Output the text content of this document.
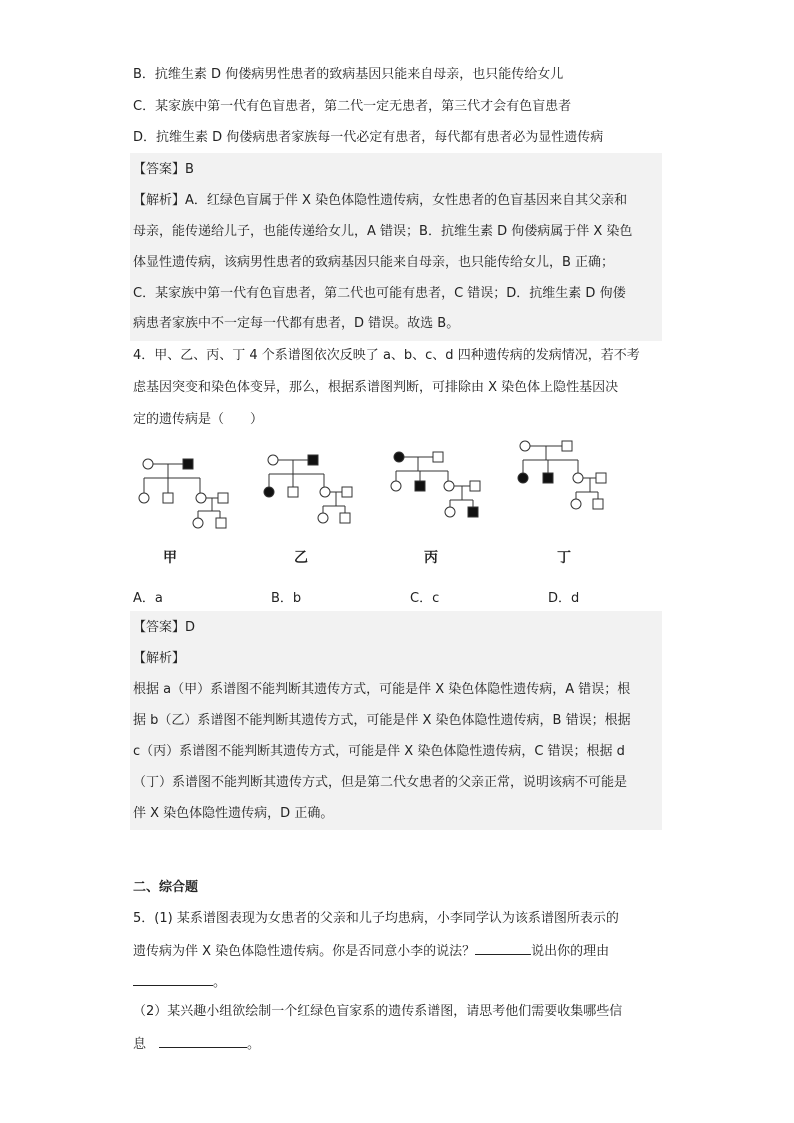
B．抗维生素 D 佝偻病男性患者的致病基因只能来自母亲，也只能传给女儿
C．某家族中第一代有色盲患者，第二代一定无患者，第三代才会有色盲患者
D．抗维生素 D 佝偻病患者家族每一代必定有患者，每代都有患者必为显性遗传病
【答案】B
【解析】A．红绿色盲属于伴 X 染色体隐性遗传病，女性患者的色盲基因来自其父亲和
母亲，能传递给儿子，也能传递给女儿，A 错误；B．抗维生素 D 佝偻病属于伴 X 染色
体显性遗传病，该病男性患者的致病基因只能来自母亲，也只能传给女儿，B 正确；
C．某家族中第一代有色盲患者，第二代也可能有患者，C 错误；D．抗维生素 D 佝偻
病患者家族中不一定每一代都有患者，D 错误。故选 B。
4．甲、乙、丙、丁 4 个系谱图依次反映了 a、b、c、d 四种遗传病的发病情况，若不考
虑基因突变和染色体变异，那么，根据系谱图判断，可排除由 X 染色体上隐性基因决
定的遗传病是（　　）
甲	乙	丙	丁
A．a	B．b	C．c	D．d
【答案】D
【解析】
根据 a（甲）系谱图不能判断其遗传方式，可能是伴 X 染色体隐性遗传病，A 错误；根
据 b（乙）系谱图不能判断其遗传方式，可能是伴 X 染色体隐性遗传病，B 错误；根据
c（丙）系谱图不能判断其遗传方式，可能是伴 X 染色体隐性遗传病，C 错误；根据 d
（丁）系谱图不能判断其遗传方式，但是第二代女患者的父亲正常，说明该病不可能是
伴 X 染色体隐性遗传病，D 正确。
二、综合题
5．(1) 某系谱图表现为女患者的父亲和儿子均患病，小李同学认为该系谱图所表示的
遗传病为伴 X 染色体隐性遗传病。你是否同意小李的说法？	说出你的理由
。
（2）某兴趣小组欲绘制一个红绿色盲家系的遗传系谱图，请思考他们需要收集哪些信
息 	。
